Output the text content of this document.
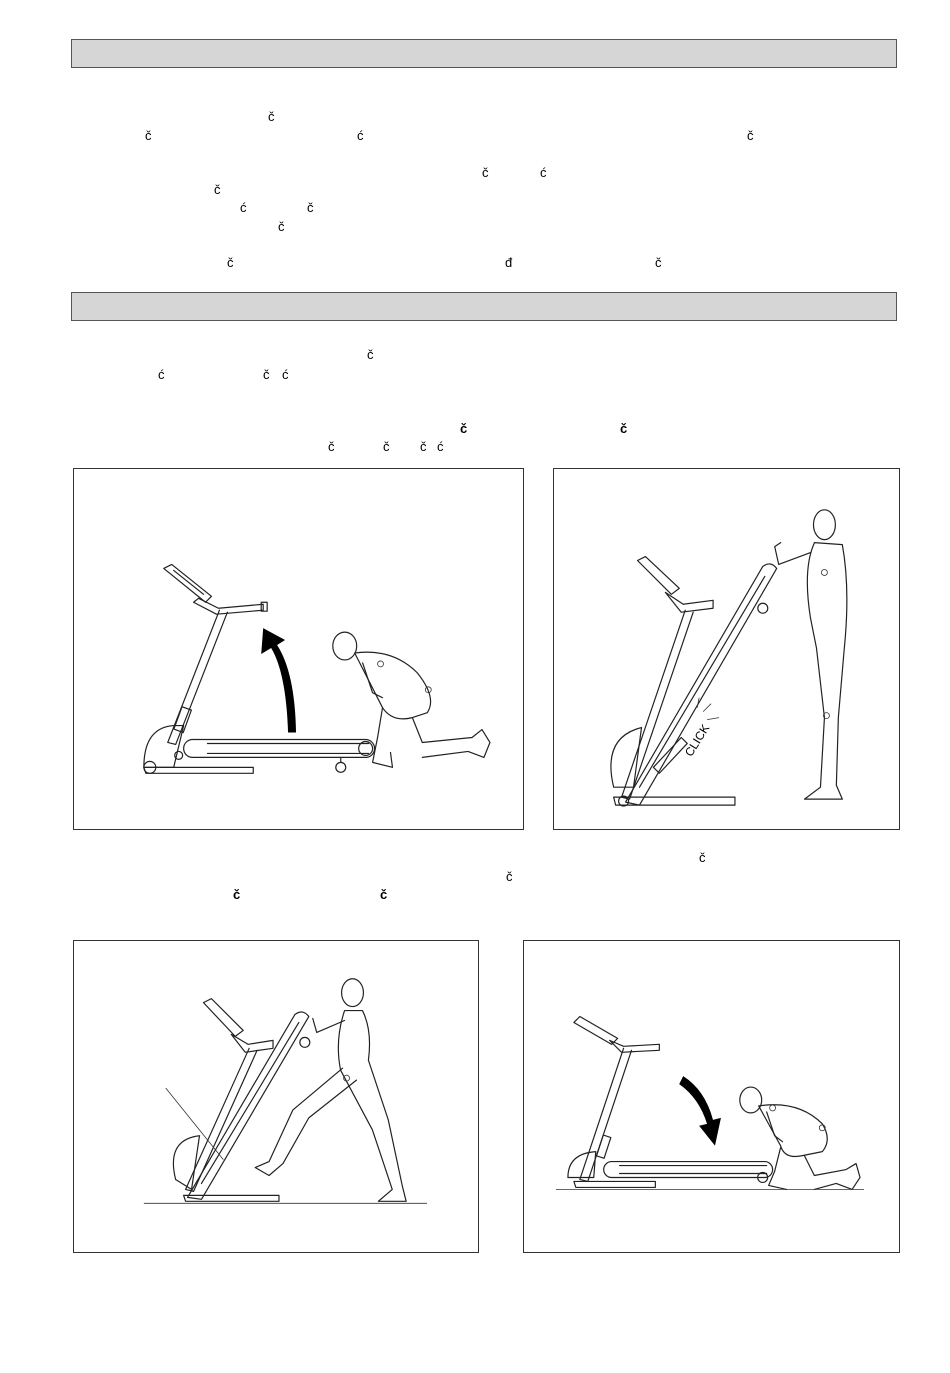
č
č	ć	č
č	ć
č
ć	č
č
č	đ	č
č
ć	č ć
č	č
č	č č ć
č
č
č	č
CLICK
